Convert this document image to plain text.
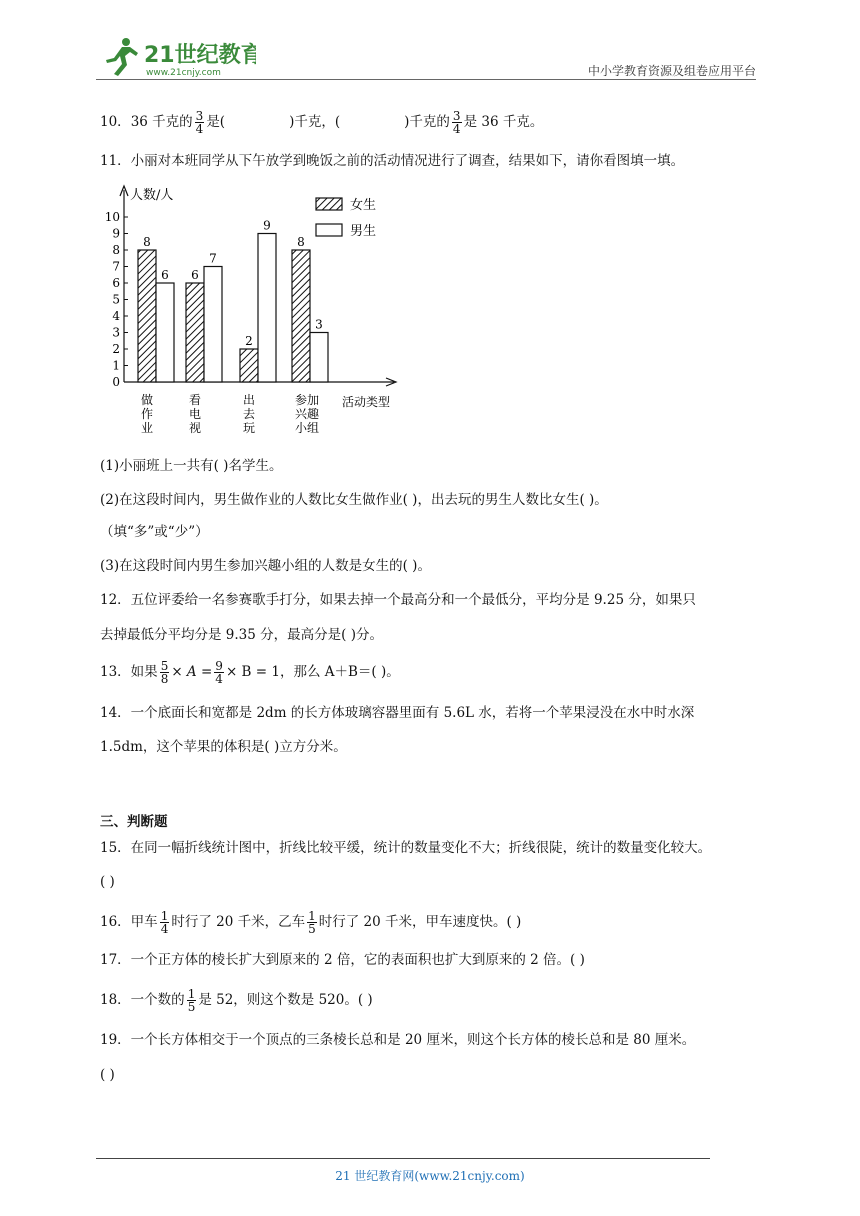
21世纪教育
www.21cnjy.com	中小学教育资源及组卷应用平台
10．36 千克的 $\frac{3}{4}$ 是(	)千克，(	)千克的 $\frac{3}{4}$ 是 36 千克。
11．小丽对本班同学从下午放学到晚饭之前的活动情况进行了调查，结果如下，请你看图填一填。
人数/人
活动类型
0
1
2
3
4
5
6
7
8
9
10
8
6
2
8
6
7
9
3
做
作
业
看
电
视
出
去
玩
参加
兴趣
小组
女生
男生
(1)小丽班上一共有( )名学生。
(2)在这段时间内，男生做作业的人数比女生做作业( )，出去玩的男生人数比女生( )。
（填“多”或“少”）
(3)在这段时间内男生参加兴趣小组的人数是女生的( )。
12．五位评委给一名参赛歌手打分，如果去掉一个最高分和一个最低分，平均分是 9.25 分，如果只
去掉最低分平均分是 9.35 分，最高分是( )分。
13．如果 $\frac{5}{8} \times A = \frac{9}{4} \times B = 1$，那么 A＋B＝( )。
14．一个底面长和宽都是 2dm 的长方体玻璃容器里面有 5.6L 水，若将一个苹果浸没在水中时水深
1.5dm，这个苹果的体积是( )立方分米。
三、判断题
15．在同一幅折线统计图中，折线比较平缓，统计的数量变化不大；折线很陡，统计的数量变化较大。
( )
16．甲车 $\frac{1}{4}$ 时行了 20 千米，乙车 $\frac{1}{5}$ 时行了 20 千米，甲车速度快。( )
17．一个正方体的棱长扩大到原来的 2 倍，它的表面积也扩大到原来的 2 倍。( )
18．一个数的 $\frac{1}{5}$ 是 52，则这个数是 520。( )
19．一个长方体相交于一个顶点的三条棱长总和是 20 厘米，则这个长方体的棱长总和是 80 厘米。
( )
21 世纪教育网(www.21cnjy.com)
